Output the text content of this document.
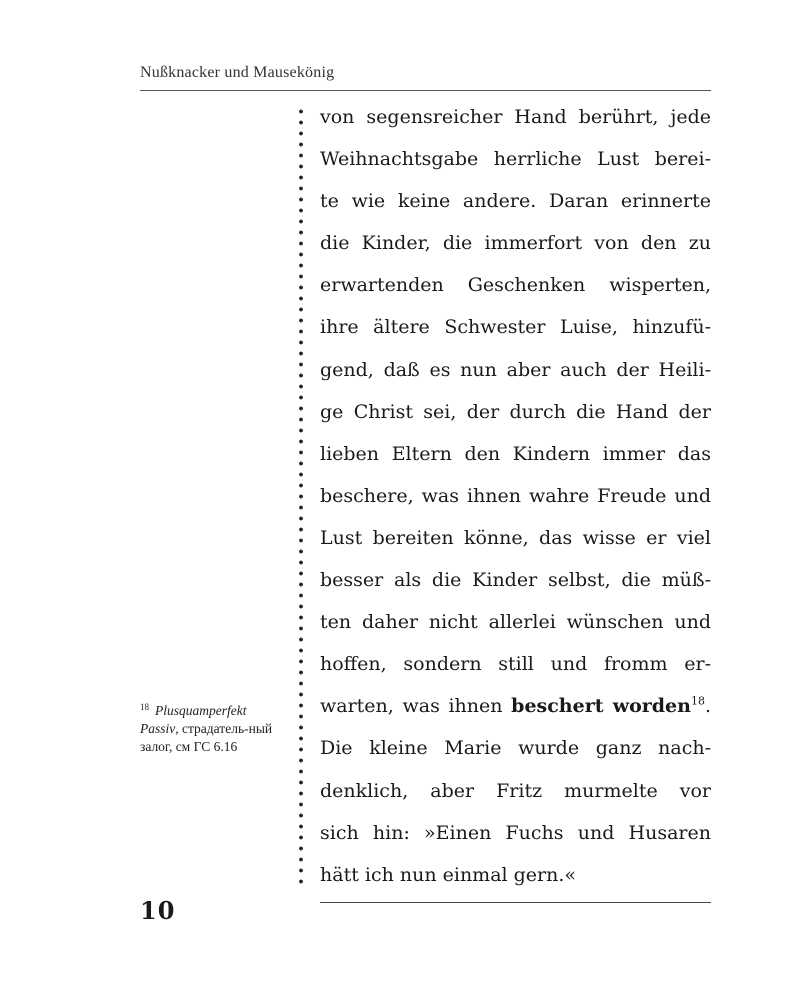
Nußknacker und Mausekönig
von segensreicher Hand berührt, jede
Weihnachtsgabe herrliche Lust berei-
te wie keine andere. Daran erinnerte
die Kinder, die immerfort von den zu
erwartenden Geschenken wisperten,
ihre ältere Schwester Luise, hinzufü-
gend, daß es nun aber auch der Heili-
ge Christ sei, der durch die Hand der
lieben Eltern den Kindern immer das
beschere, was ihnen wahre Freude und
Lust bereiten könne, das wisse er viel
besser als die Kinder selbst, die müß-
ten daher nicht allerlei wünschen und
hoffen, sondern still und fromm er-
warten, was ihnen beschert worden$^{18}$.
Die kleine Marie wurde ganz nach-
denklich, aber Fritz murmelte vor
sich hin: »Einen Fuchs und Husaren
hätt ich nun einmal gern.«
$^{18}$ Plusquamperfekt Passiv, страдатель-ный залог, см ГС 6.16
10
